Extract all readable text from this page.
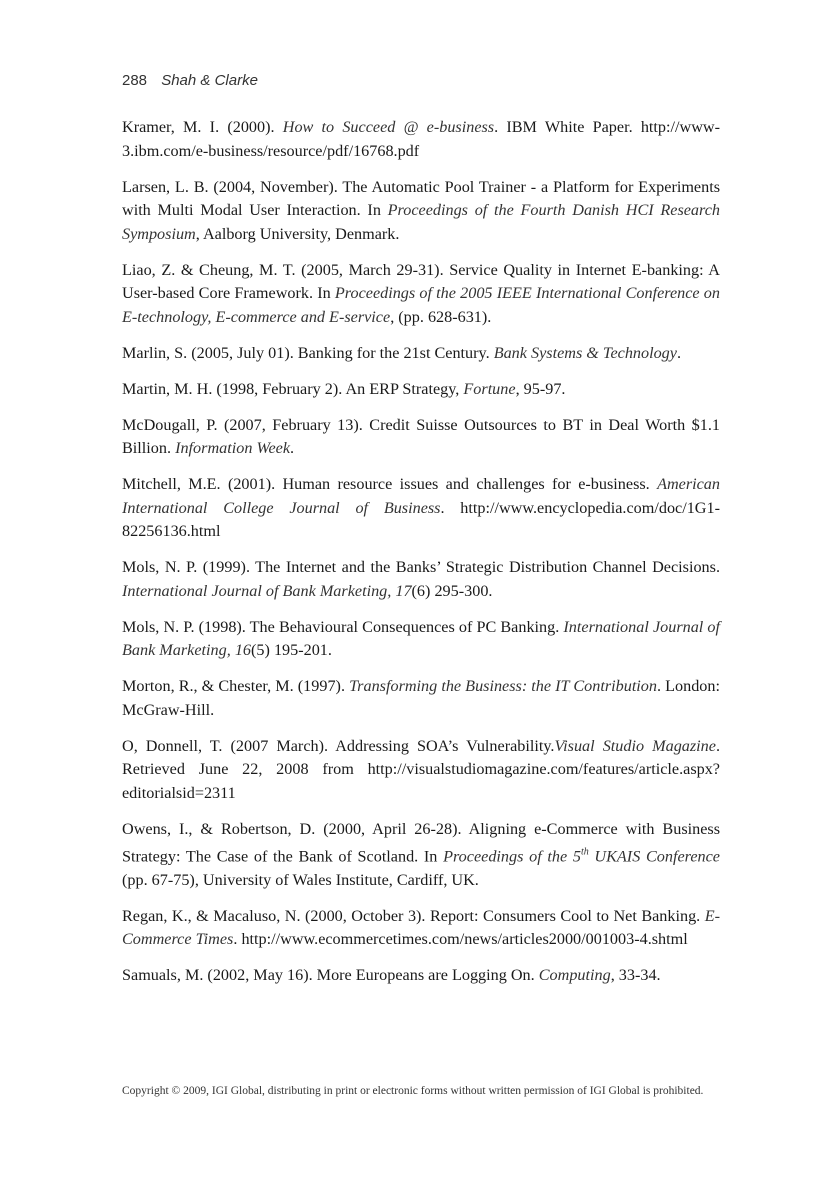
288 Shah & Clarke

Kramer, M. I. (2000). How to Succeed @ e-business. IBM White Paper. http://www-3.ibm.com/e-business/resource/pdf/16768.pdf

Larsen, L. B. (2004, November). The Automatic Pool Trainer - a Platform for Experiments with Multi Modal User Interaction. In Proceedings of the Fourth Danish HCI Research Symposium, Aalborg University, Denmark.

Liao, Z. & Cheung, M. T. (2005, March 29-31). Service Quality in Internet E-banking: A User-based Core Framework. In Proceedings of the 2005 IEEE International Conference on E-technology, E-commerce and E-service, (pp. 628-631).

Marlin, S. (2005, July 01). Banking for the 21st Century. Bank Systems & Technology.

Martin, M. H. (1998, February 2). An ERP Strategy, Fortune, 95-97.

McDougall, P. (2007, February 13). Credit Suisse Outsources to BT in Deal Worth $1.1 Billion. Information Week.

Mitchell, M.E. (2001). Human resource issues and challenges for e-business. American International College Journal of Business. http://www.encyclopedia.com/doc/1G1-82256136.html

Mols, N. P. (1999). The Internet and the Banks’ Strategic Distribution Channel Decisions. International Journal of Bank Marketing, 17(6) 295-300.

Mols, N. P. (1998). The Behavioural Consequences of PC Banking. International Journal of Bank Marketing, 16(5) 195-201.

Morton, R., & Chester, M. (1997). Transforming the Business: the IT Contribution. London: McGraw-Hill.

O, Donnell, T. (2007 March). Addressing SOA’s Vulnerability.Visual Studio Magazine. Retrieved June 22, 2008 from http://visualstudiomagazine.com/features/article.aspx? editorialsid=2311

Owens, I., & Robertson, D. (2000, April 26-28). Aligning e-Commerce with Business Strategy: The Case of the Bank of Scotland. In Proceedings of the 5th UKAIS Conference (pp. 67-75), University of Wales Institute, Cardiff, UK.

Regan, K., & Macaluso, N. (2000, October 3). Report: Consumers Cool to Net Banking. E-Commerce Times. http://www.ecommercetimes.com/news/articles2000/001003-4.shtml

Samuals, M. (2002, May 16). More Europeans are Logging On. Computing, 33-34.

Copyright © 2009, IGI Global, distributing in print or electronic forms without written permission of IGI Global is prohibited.
